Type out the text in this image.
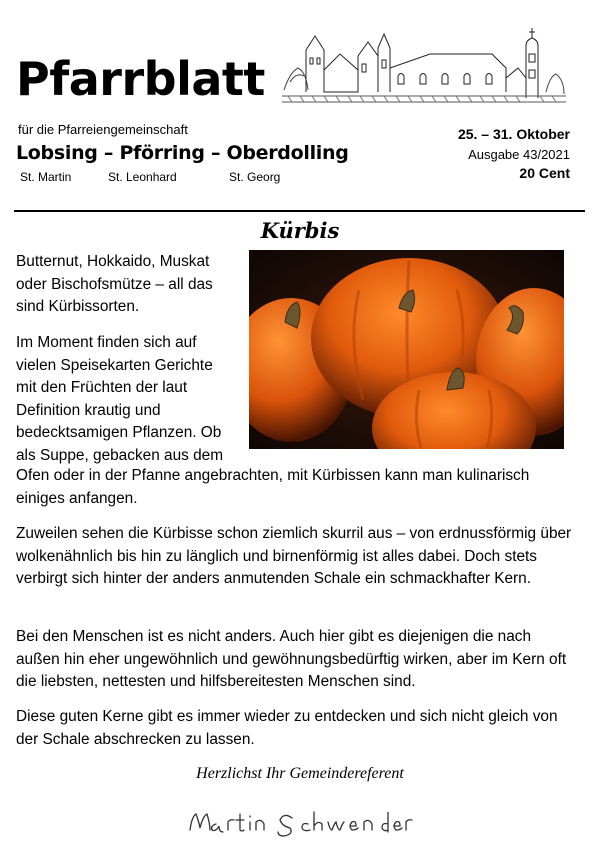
Pfarrblatt
für die Pfarreiengemeinschaft
Lobsing – Pförring – Oberdolling
St. Martin	St. Leonhard	St. Georg
25. – 31. Oktober
Ausgabe 43/2021
20 Cent
Kürbis

Butternut, Hokkaido, Muskat oder Bischofsmütze – all das sind Kürbissorten.

Im Moment finden sich auf vielen Speisekarten Gerichte mit den Früchten der laut Definition krautig und bedecktsamigen Pflanzen. Ob als Suppe, gebacken aus dem

Ofen oder in der Pfanne angebrachten, mit Kürbissen kann man kulinarisch einiges anfangen.

Zuweilen sehen die Kürbisse schon ziemlich skurril aus – von erdnussförmig über wolkenähnlich bis hin zu länglich und birnenförmig ist alles dabei. Doch stets verbirgt sich hinter der anders anmutenden Schale ein schmackhafter Kern.

Bei den Menschen ist es nicht anders. Auch hier gibt es diejenigen die nach außen hin eher ungewöhnlich und gewöhnungsbedürftig wirken, aber im Kern oft die liebsten, nettesten und hilfsbereitesten Menschen sind.

Diese guten Kerne gibt es immer wieder zu entdecken und sich nicht gleich von der Schale abschrecken zu lassen.

Herzlichst Ihr Gemeindereferent
